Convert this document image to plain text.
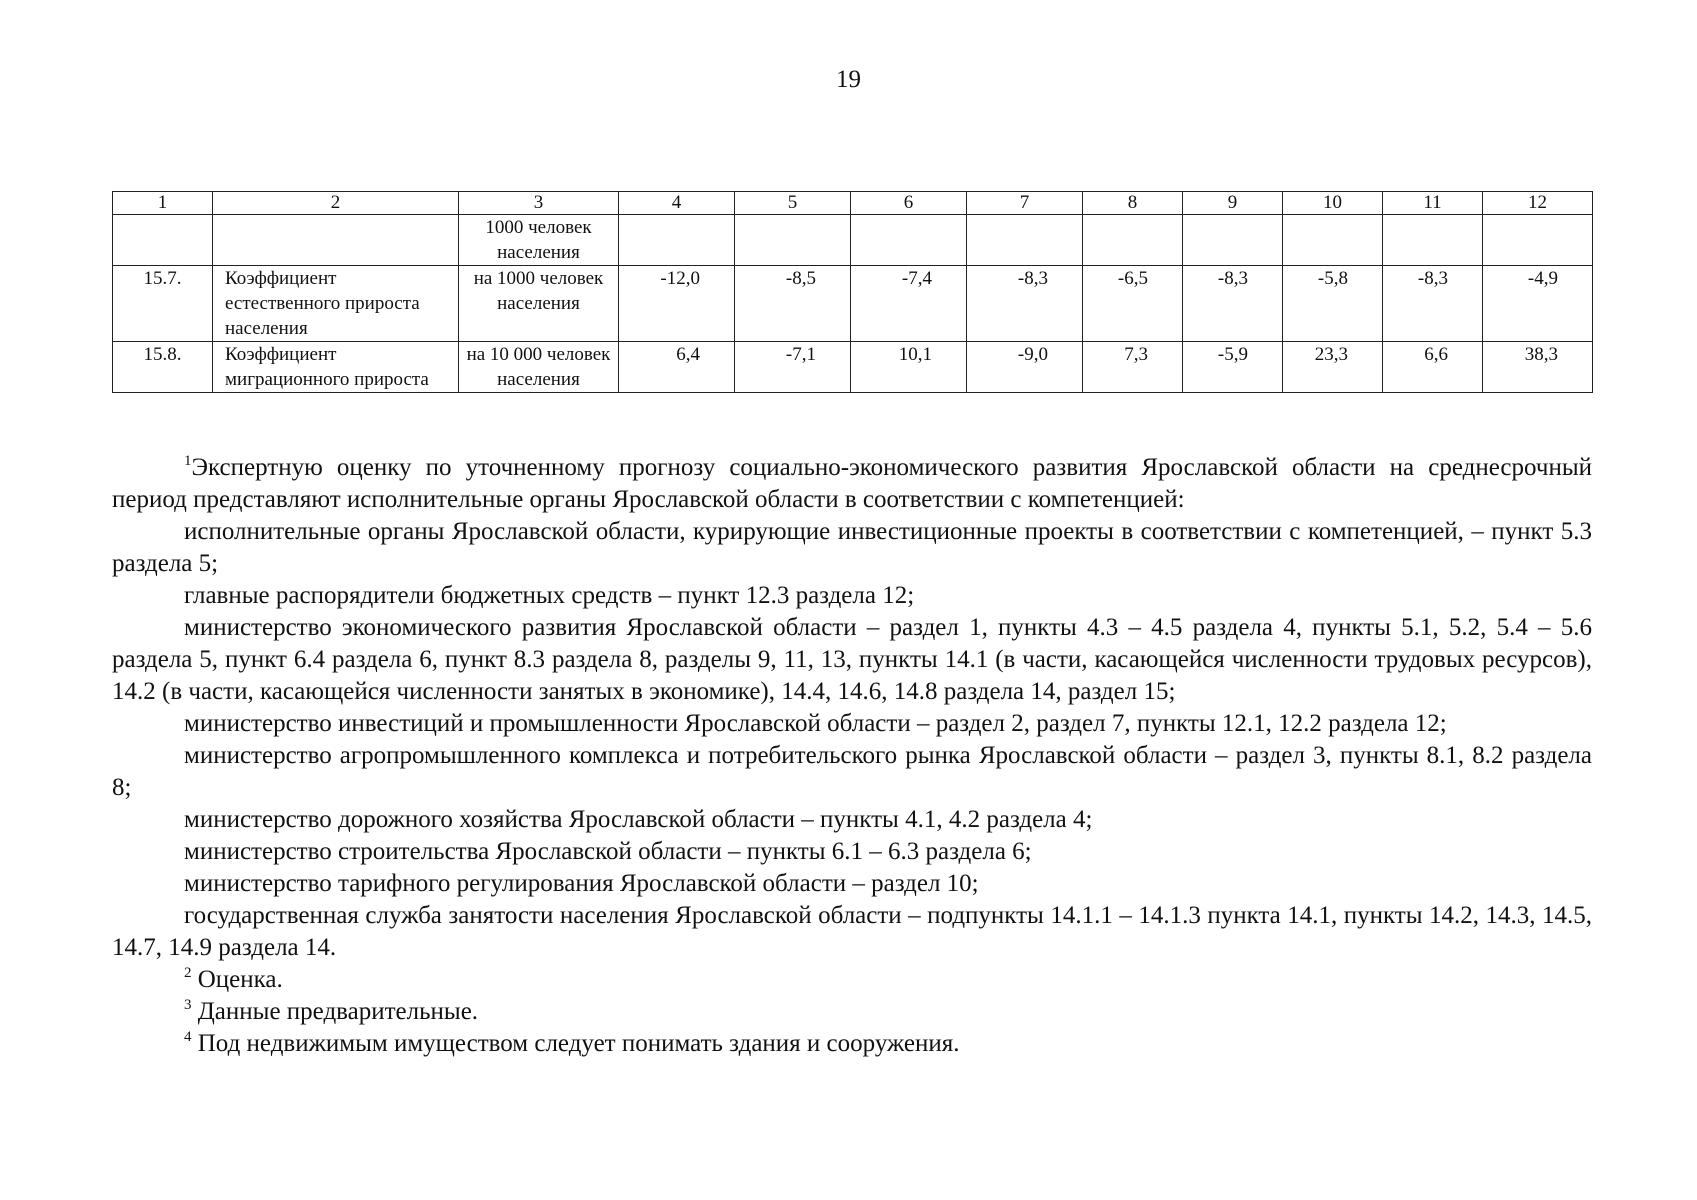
19
1	2	3	4	5	6	7	8	9	10	11	12
		1000 человек населения									
15.7.	Коэффициент естественного прироста населения	на 1000 человек населения	-12,0	-8,5	-7,4	-8,3	-6,5	-8,3	-5,8	-8,3	-4,9
15.8.	Коэффициент миграционного прироста	на 10 000 человек населения	6,4	-7,1	10,1	-9,0	7,3	-5,9	23,3	6,6	38,3

$^1$Экспертную оценку по уточненному прогнозу социально-экономического развития Ярославской области на среднесрочный период представляют исполнительные органы Ярославской области в соответствии с компетенцией:

исполнительные органы Ярославской области, курирующие инвестиционные проекты в соответствии с компетенцией, – пункт 5.3 раздела 5;

главные распорядители бюджетных средств – пункт 12.3 раздела 12;

министерство экономического развития Ярославской области – раздел 1, пункты 4.3 – 4.5 раздела 4, пункты 5.1, 5.2, 5.4 – 5.6 раздела 5, пункт 6.4 раздела 6, пункт 8.3 раздела 8, разделы 9, 11, 13, пункты 14.1 (в части, касающейся численности трудовых ресурсов), 14.2 (в части, касающейся численности занятых в экономике), 14.4, 14.6, 14.8 раздела 14, раздел 15;

министерство инвестиций и промышленности Ярославской области – раздел 2, раздел 7, пункты 12.1, 12.2 раздела 12;

министерство агропромышленного комплекса и потребительского рынка Ярославской области – раздел 3, пункты 8.1, 8.2 раздела 8;

министерство дорожного хозяйства Ярославской области – пункты 4.1, 4.2 раздела 4;

министерство строительства Ярославской области – пункты 6.1 – 6.3 раздела 6;

министерство тарифного регулирования Ярославской области – раздел 10;

государственная служба занятости населения Ярославской области – подпункты 14.1.1 – 14.1.3 пункта 14.1, пункты 14.2, 14.3, 14.5, 14.7, 14.9 раздела 14.

$^2$ Оценка.

$^3$ Данные предварительные.

$^4$ Под недвижимым имуществом следует понимать здания и сооружения.
